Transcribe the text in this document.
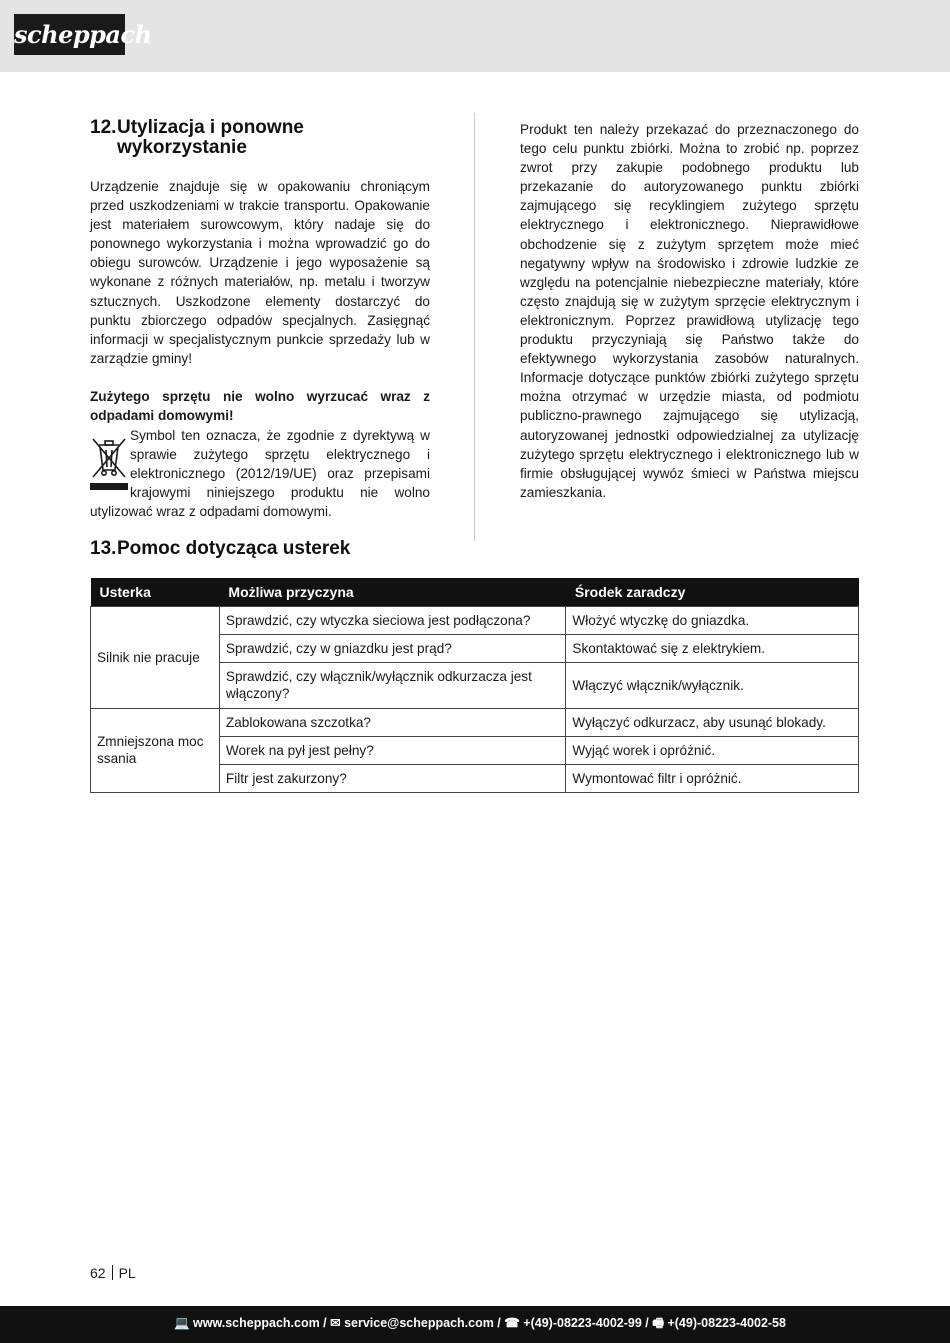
scheppach
12.Utylizacja i ponowne
wykorzystanie

Urządzenie znajduje się w opakowaniu chroniącym przed uszkodzeniami w trakcie transportu. Opakowanie jest materiałem surowcowym, który nadaje się do ponownego wykorzystania i można wprowadzić go do obiegu surowców. Urządzenie i jego wyposażenie są wykonane z różnych materiałów, np. metalu i tworzyw sztucznych. Uszkodzone elementy dostarczyć do punktu zbiorczego odpadów specjalnych. Zasięgnąć informacji w specjalistycznym punkcie sprzedaży lub w zarządzie gminy!

Zużytego sprzętu nie wolno wyrzucać wraz z odpadami domowymi!

Symbol ten oznacza, że zgodnie z dyrektywą w sprawie zużytego sprzętu elektrycznego i elektronicznego (2012/19/UE) oraz przepisami krajowymi niniejszego produktu nie wolno utylizować wraz z odpadami domowymi.

Produkt ten należy przekazać do przeznaczonego do tego celu punktu zbiórki. Można to zrobić np. poprzez zwrot przy zakupie podobnego produktu lub przekazanie do autoryzowanego punktu zbiórki zajmującego się recyklingiem zużytego sprzętu elektrycznego i elektronicznego. Nieprawidłowe obchodzenie się z zużytym sprzętem może mieć negatywny wpływ na środowisko i zdrowie ludzkie ze względu na potencjalnie niebezpieczne materiały, które często znajdują się w zużytym sprzęcie elektrycznym i elektronicznym. Poprzez prawidłową utylizację tego produktu przyczyniają się Państwo także do efektywnego wykorzystania zasobów naturalnych. Informacje dotyczące punktów zbiórki zużytego sprzętu można otrzymać w urzędzie miasta, od podmiotu publiczno-prawnego zajmującego się utylizacją, autoryzowanej jednostki odpowiedzialnej za utylizację zużytego sprzętu elektrycznego i elektronicznego lub w firmie obsługującej wywóz śmieci w Państwa miejscu zamieszkania.

13.Pomoc dotycząca usterek
Usterka	Możliwa przyczyna	Środek zaradczy
Silnik nie pracuje	Sprawdzić, czy wtyczka sieciowa jest podłączona?	Włożyć wtyczkę do gniazdka.
	Sprawdzić, czy w gniazdku jest prąd?	Skontaktować się z elektrykiem.
	Sprawdzić, czy włącznik/wyłącznik odkurzacza jest włączony?	Włączyć włącznik/wyłącznik.
Zmniejszona moc ssania	Zablokowana szczotka?	Wyłączyć odkurzacz, aby usunąć blokady.
	Worek na pył jest pełny?	Wyjąć worek i opróżnić.
	Filtr jest zakurzony?	Wymontować filtr i opróżnić.
62 PL
💻 www.scheppach.com / ✉ service@scheppach.com / ☎ +(49)-08223-4002-99 / 🖷 +(49)-08223-4002-58
